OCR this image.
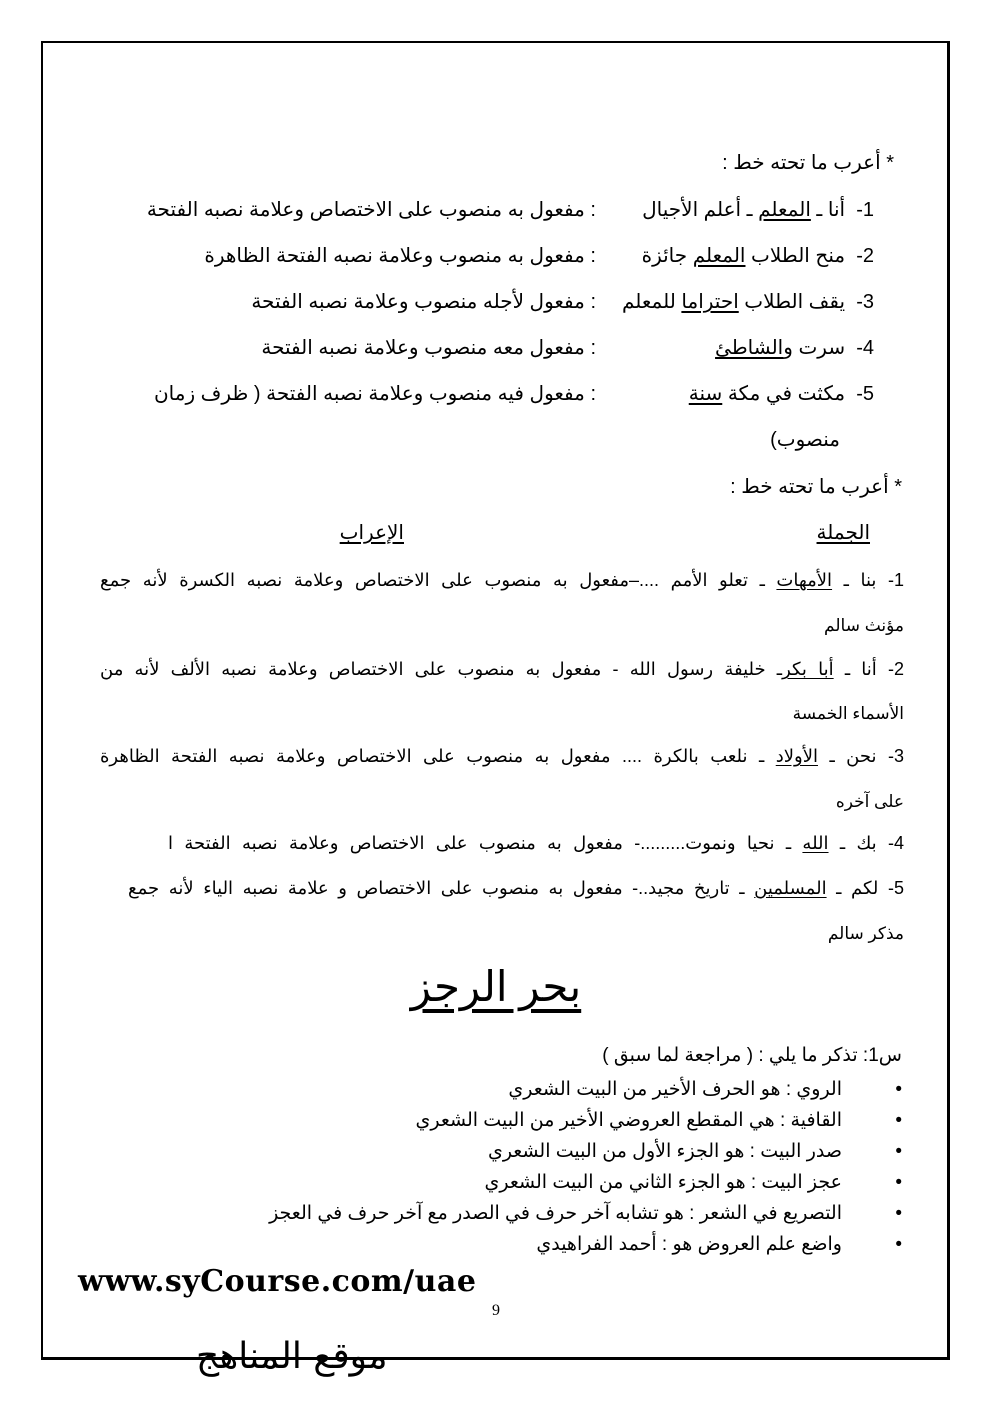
* أعرب ما تحته خط :
1-  أنا ـ المعلم ـ أعلم الأجيال
: مفعول به منصوب على الاختصاص وعلامة نصبه الفتحة
2-  منح الطلاب المعلم جائزة
: مفعول به منصوب وعلامة نصبه الفتحة الظاهرة
3-  يقف الطلاب احتراما للمعلم
: مفعول لأجله منصوب وعلامة نصبه الفتحة
4-  سرت والشاطئ
: مفعول معه منصوب وعلامة نصبه الفتحة
5-  مكثت في مكة سنة
: مفعول فيه منصوب وعلامة نصبه الفتحة ( ظرف زمان
منصوب)
* أعرب ما تحته خط :
الجملة
الإعراب
1- بنا ـ الأمهات ـ تعلو الأمم ....–مفعول به منصوب على الاختصاص وعلامة نصبه الكسرة لأنه جمع
مؤنث سالم
2- أنا ـ أبا بكرـ خليفة رسول الله - مفعول به منصوب على الاختصاص وعلامة نصبه الألف لأنه من
الأسماء الخمسة
3- نحن ـ الأولاد ـ نلعب بالكرة .... مفعول به منصوب على الاختصاص وعلامة نصبه الفتحة الظاهرة
على آخره
4- بك ـ الله ـ نحيا ونموت.........- مفعول به منصوب على الاختصاص وعلامة نصبه الفتحة ا
5- لكم ـ المسلمين ـ تاريخ مجيد..- مفعول به منصوب على الاختصاص و علامة نصبه الياء لأنه جمع
مذكر سالم
بحر الرجز
س1: تذكر ما يلي : ( مراجعة لما سبق )
•
الروي : هو الحرف الأخير من البيت الشعري
•
القافية : هي المقطع العروضي الأخير من البيت الشعري
•
صدر البيت : هو الجزء الأول من البيت الشعري
•
عجز البيت : هو الجزء الثاني من البيت الشعري
•
التصريع في الشعر : هو تشابه آخر حرف في الصدر مع آخر حرف في العجز
•
واضع علم العروض هو : أحمد الفراهيدي
www.syCourse.com/uae
9
موقع المناهج
